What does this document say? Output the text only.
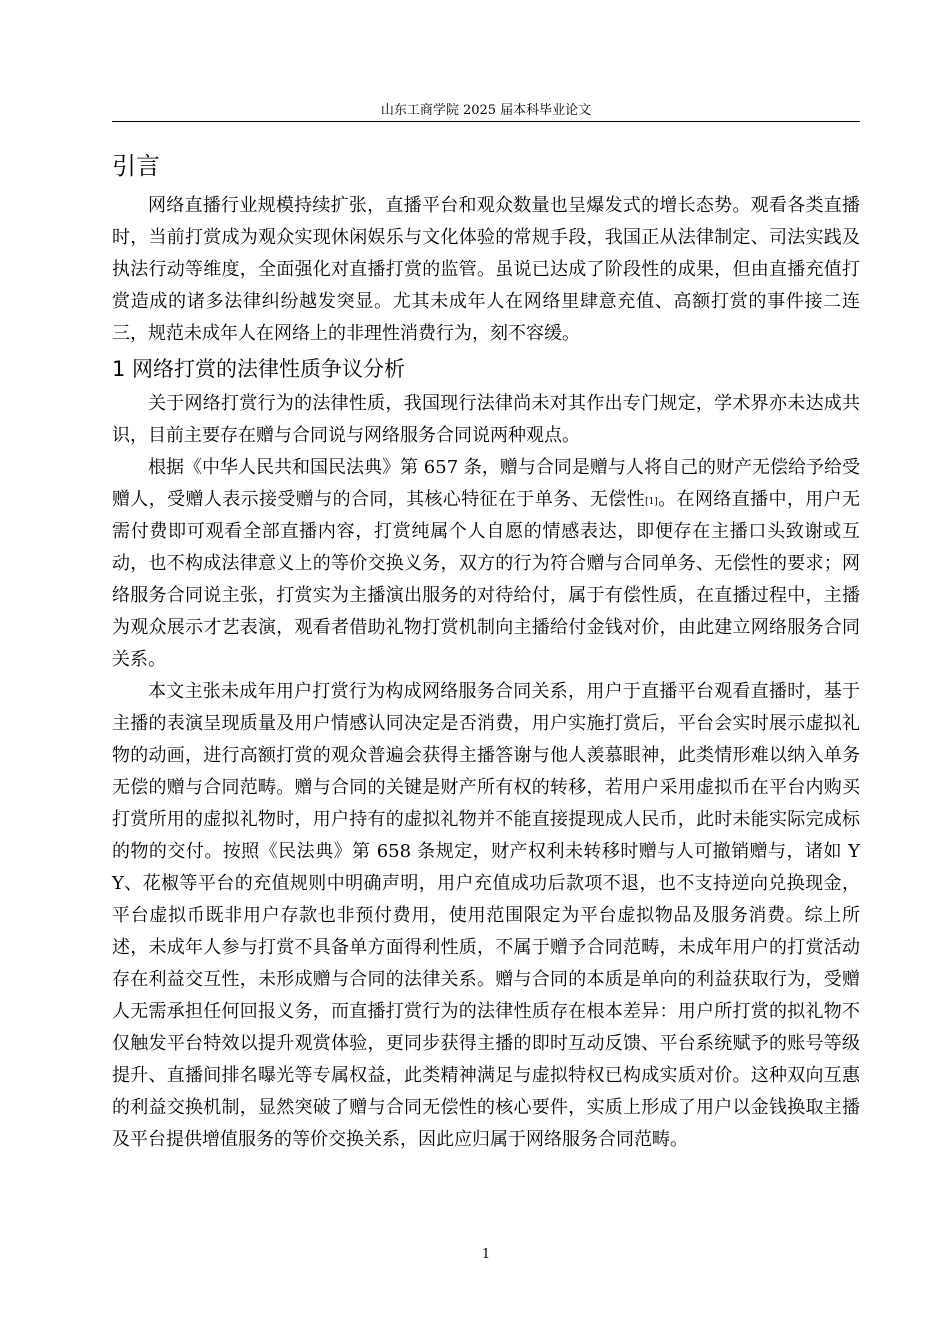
山东工商学院 2025 届本科毕业论文
引言

网络直播行业规模持续扩张，直播平台和观众数量也呈爆发式的增长态势。观看各类直播时，当前打赏成为观众实现休闲娱乐与文化体验的常规手段，我国正从法律制定、司法实践及执法行动等维度，全面强化对直播打赏的监管。虽说已达成了阶段性的成果，但由直播充值打赏造成的诸多法律纠纷越发突显。尤其未成年人在网络里肆意充值、高额打赏的事件接二连三，规范未成年人在网络上的非理性消费行为，刻不容缓。

1 网络打赏的法律性质争议分析

关于网络打赏行为的法律性质，我国现行法律尚未对其作出专门规定，学术界亦未达成共识，目前主要存在赠与合同说与网络服务合同说两种观点。

根据《中华人民共和国民法典》第 657 条，赠与合同是赠与人将自己的财产无偿给予给受赠人，受赠人表示接受赠与的合同，其核心特征在于单务、无偿性[1]。在网络直播中，用户无需付费即可观看全部直播内容，打赏纯属个人自愿的情感表达，即便存在主播口头致谢或互动，也不构成法律意义上的等价交换义务，双方的行为符合赠与合同单务、无偿性的要求；网络服务合同说主张，打赏实为主播演出服务的对待给付，属于有偿性质，在直播过程中，主播为观众展示才艺表演，观看者借助礼物打赏机制向主播给付金钱对价，由此建立网络服务合同关系。

本文主张未成年用户打赏行为构成网络服务合同关系，用户于直播平台观看直播时，基于主播的表演呈现质量及用户情感认同决定是否消费，用户实施打赏后，平台会实时展示虚拟礼物的动画，进行高额打赏的观众普遍会获得主播答谢与他人羡慕眼神，此类情形难以纳入单务无偿的赠与合同范畴。赠与合同的关键是财产所有权的转移，若用户采用虚拟币在平台内购买打赏所用的虚拟礼物时，用户持有的虚拟礼物并不能直接提现成人民币，此时未能实际完成标的物的交付。按照《民法典》第 658 条规定，财产权利未转移时赠与人可撤销赠与，诸如 YY、花椒等平台的充值规则中明确声明，用户充值成功后款项不退，也不支持逆向兑换现金，平台虚拟币既非用户存款也非预付费用，使用范围限定为平台虚拟物品及服务消费。综上所述，未成年人参与打赏不具备单方面得利性质，不属于赠予合同范畴，未成年用户的打赏活动存在利益交互性，未形成赠与合同的法律关系。赠与合同的本质是单向的利益获取行为，受赠人无需承担任何回报义务，而直播打赏行为的法律性质存在根本差异：用户所打赏的拟礼物不仅触发平台特效以提升观赏体验，更同步获得主播的即时互动反馈、平台系统赋予的账号等级提升、直播间排名曝光等专属权益，此类精神满足与虚拟特权已构成实质对价。这种双向互惠的利益交换机制，显然突破了赠与合同无偿性的核心要件，实质上形成了用户以金钱换取主播及平台提供增值服务的等价交换关系，因此应归属于网络服务合同范畴。

1
